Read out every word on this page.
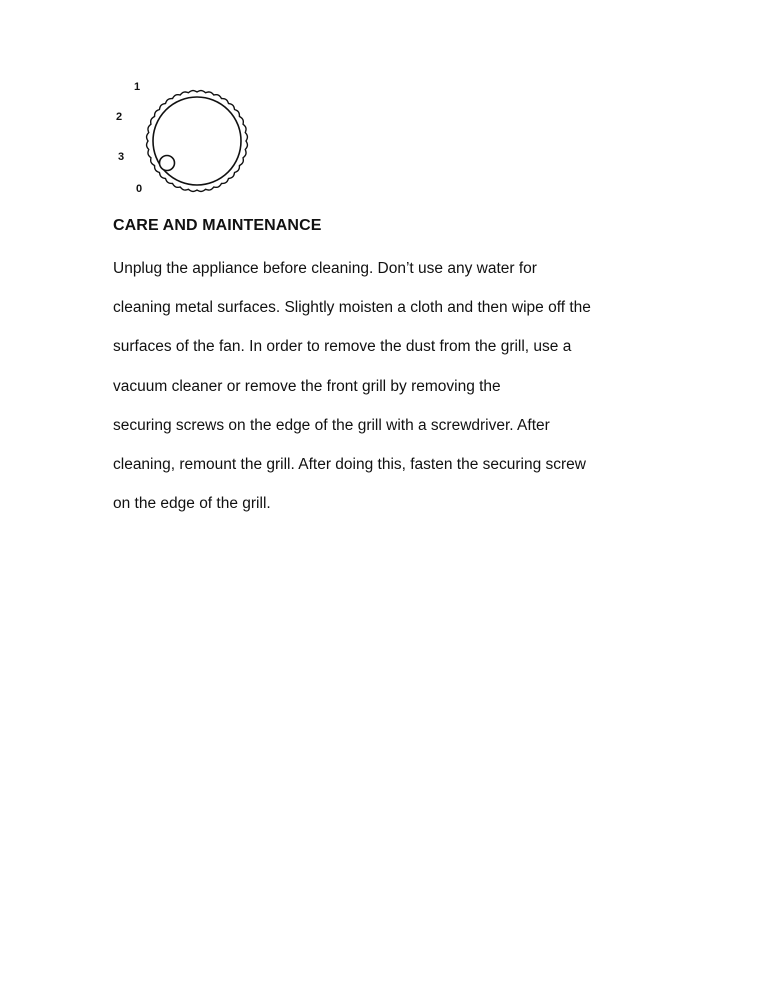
1
2
3
0
CARE AND MAINTENANCE
Unplug the appliance before cleaning. Don’t use any water for
cleaning metal surfaces. Slightly moisten a cloth and then wipe off the
surfaces of the fan. In order to remove the dust from the grill, use a
vacuum cleaner or remove the front grill by removing the
securing screws on the edge of the grill with a screwdriver. After
cleaning, remount the grill. After doing this, fasten the securing screw
on the edge of the grill.
